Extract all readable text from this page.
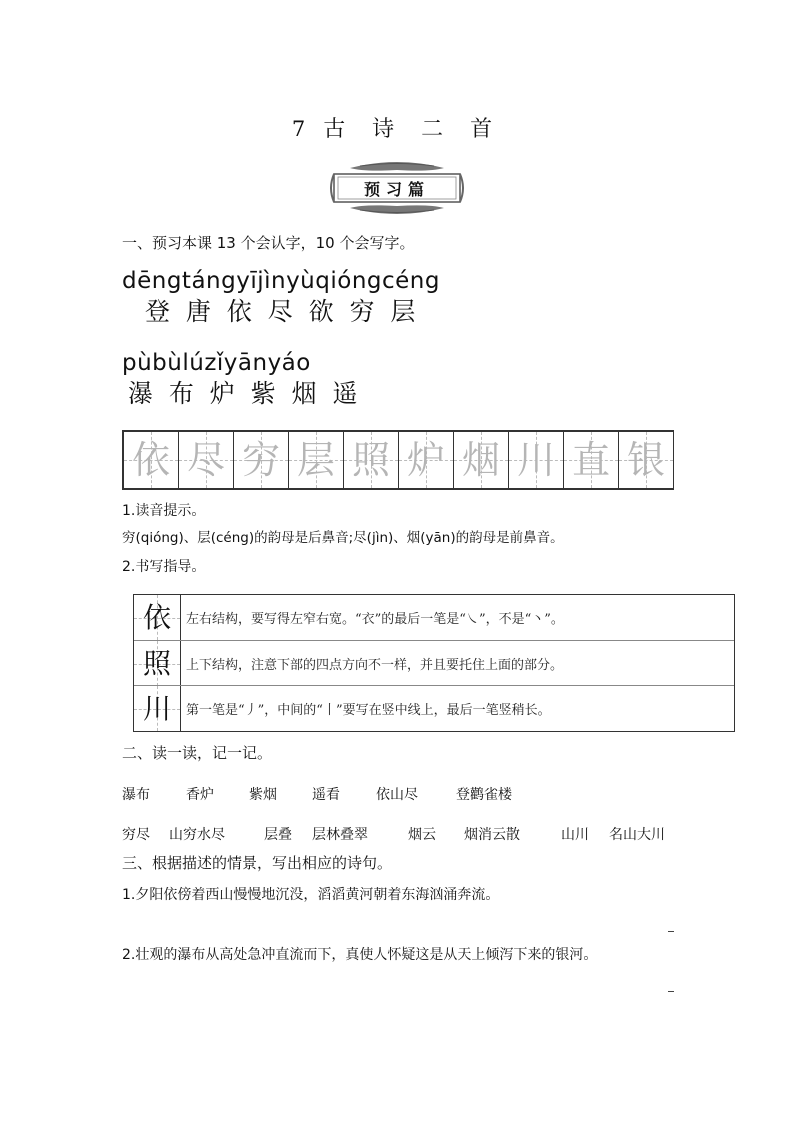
7 古 诗 二 首
预习篇
一、预习本课 13 个会认字，10 个会写字。
dēngtángyījìnyùqióngcéng
登  唐  依  尽  欲  穷  层
pùbùlúzǐyānyáo
瀑  布  炉  紫  烟  遥
依 尽 穷 层 照 炉 烟 川 直 银
1.读音提示。
穷(qióng)、层(céng)的韵母是后鼻音;尽(jìn)、烟(yān)的韵母是前鼻音。
2.书写指导。
依	左右结构，要写得左窄右宽。“衣”的最后一笔是“㇏”，不是“丶”。
照	上下结构，注意下部的四点方向不一样，并且要托住上面的部分。
川	第一笔是“丿”，中间的“丨”要写在竖中线上，最后一笔竖稍长。
二、读一读，记一记。
瀑布	香炉	紫烟	遥看	依山尽	登鹳雀楼
穷尽 山穷水尽	层叠 层林叠翠	烟云 烟消云散	山川 名山大川
三、根据描述的情景，写出相应的诗句。
1.夕阳依傍着西山慢慢地沉没，滔滔黄河朝着东海汹涌奔流。
2.壮观的瀑布从高处急冲直流而下，真使人怀疑这是从天上倾泻下来的银河。
